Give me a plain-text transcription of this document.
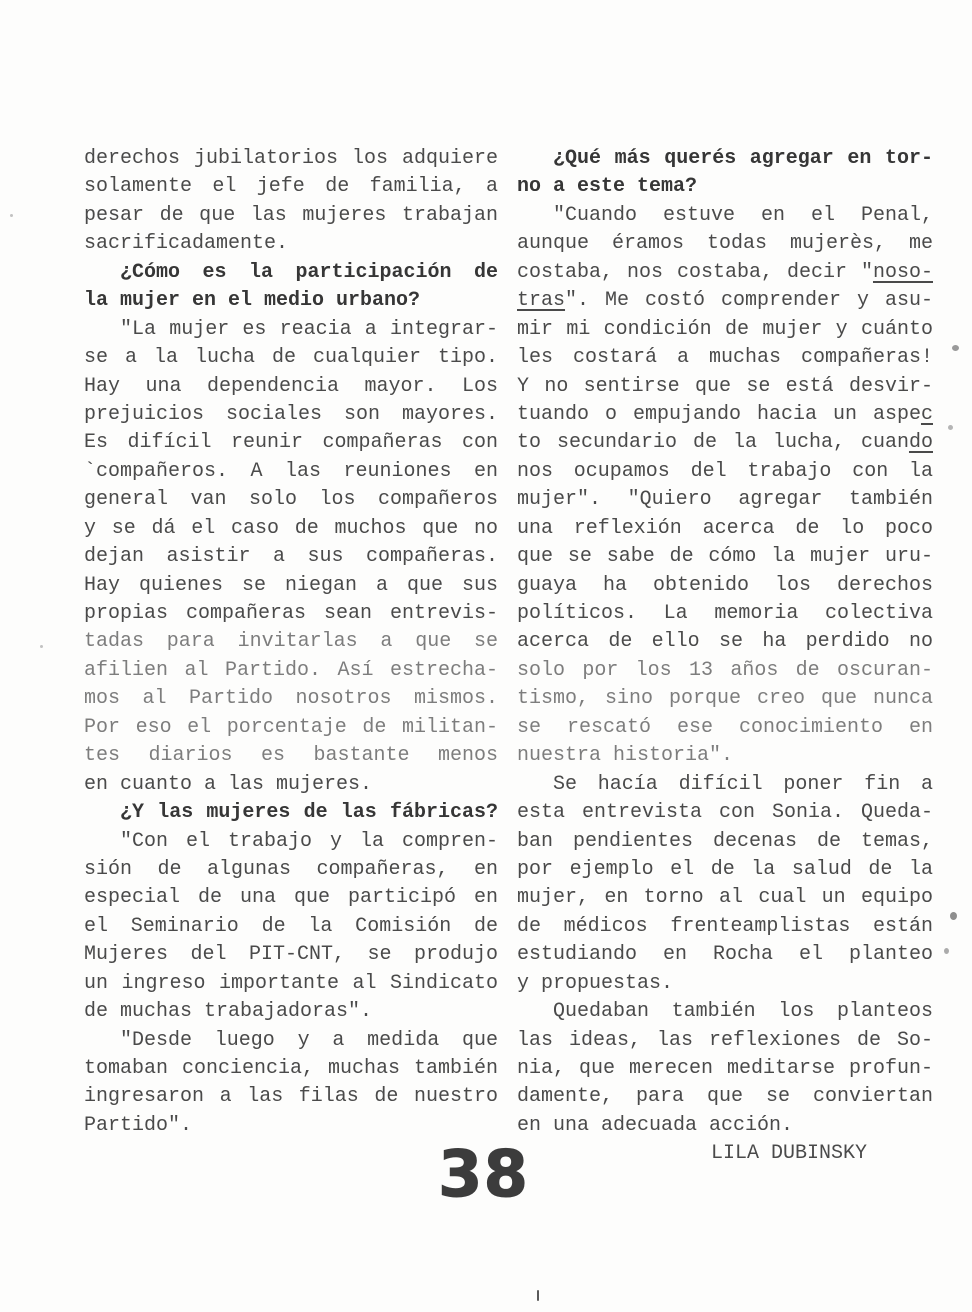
derechos jubilatorios los adquiere
solamente el jefe de familia, a
pesar de que las mujeres trabajan
sacrificadamente.
¿Cómo es la participación de
la mujer en el medio urbano?
"La mujer es reacia a integrar-
se a la lucha de cualquier tipo.
Hay una dependencia mayor. Los
prejuicios sociales son mayores.
Es difícil reunir compañeras con
`compañeros. A las reuniones en
general van solo los compañeros
y se dá el caso de muchos que no
dejan asistir a sus compañeras.
Hay quienes se niegan a que sus
propias compañeras sean entrevis-
tadas para invitarlas a que se
afilien al Partido. Así estrecha-
mos al Partido nosotros mismos.
Por eso el porcentaje de militan-
tes diarios es bastante menos
en cuanto a las mujeres.
¿Y las mujeres de las fábricas?
"Con el trabajo y la compren-
sión de algunas compañeras, en
especial de una que participó en
el Seminario de la Comisión de
Mujeres del PIT-CNT, se produjo
un ingreso importante al Sindicato
de muchas trabajadoras".
"Desde luego y a medida que
tomaban conciencia, muchas también
ingresaron a las filas de nuestro
Partido".
¿Qué más querés agregar en tor-
no a este tema?
"Cuando estuve en el Penal,
aunque éramos todas mujerès, me
costaba, nos costaba, decir "noso-
tras". Me costó comprender y asu-
mir mi condición de mujer y cuánto
les costará a muchas compañeras!
Y no sentirse que se está desvir-
tuando o empujando hacia un aspec
to secundario de la lucha, cuando
nos ocupamos del trabajo con la
mujer". "Quiero agregar también
una reflexión acerca de lo poco
que se sabe de cómo la mujer uru-
guaya ha obtenido los derechos
políticos. La memoria colectiva
acerca de ello se ha perdido no
solo por los 13 años de oscuran-
tismo, sino porque creo que nunca
se rescató ese conocimiento en
nuestra historia".
Se hacía difícil poner fin a
esta entrevista con Sonia. Queda-
ban pendientes decenas de temas,
por ejemplo el de la salud de la
mujer, en torno al cual un equipo
de médicos frenteamplistas están
estudiando en Rocha el planteo
y propuestas.
Quedaban también los planteos
las ideas, las reflexiones de So-
nia, que merecen meditarse profun-
damente, para que se conviertan
en una adecuada acción.
LILA DUBINSKY
38
